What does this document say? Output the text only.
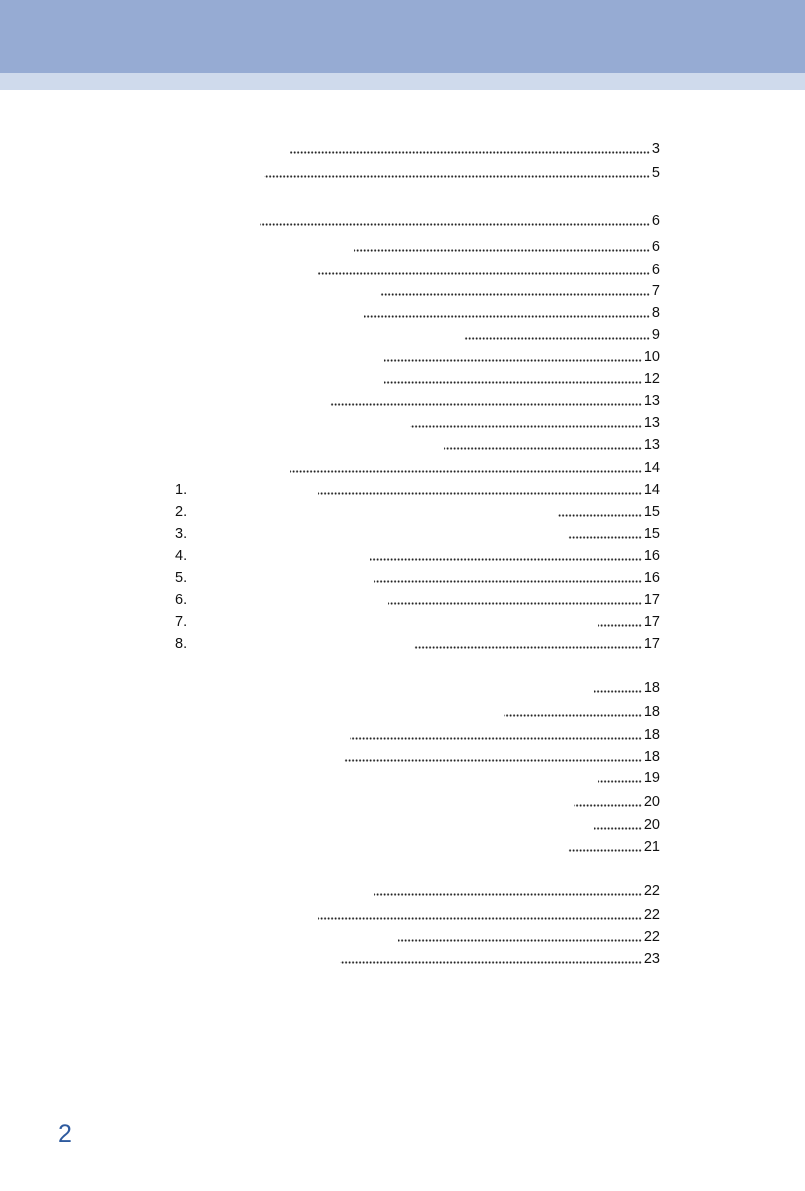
3
5
6
6
6
7
8
9
10
12
13
13
13
14
1.	14
2.	15
3.	15
4.	16
5.	16
6.	17
7.	17
8.	17
18
18
18
18
19
20
20
21
22
22
22
23
2
